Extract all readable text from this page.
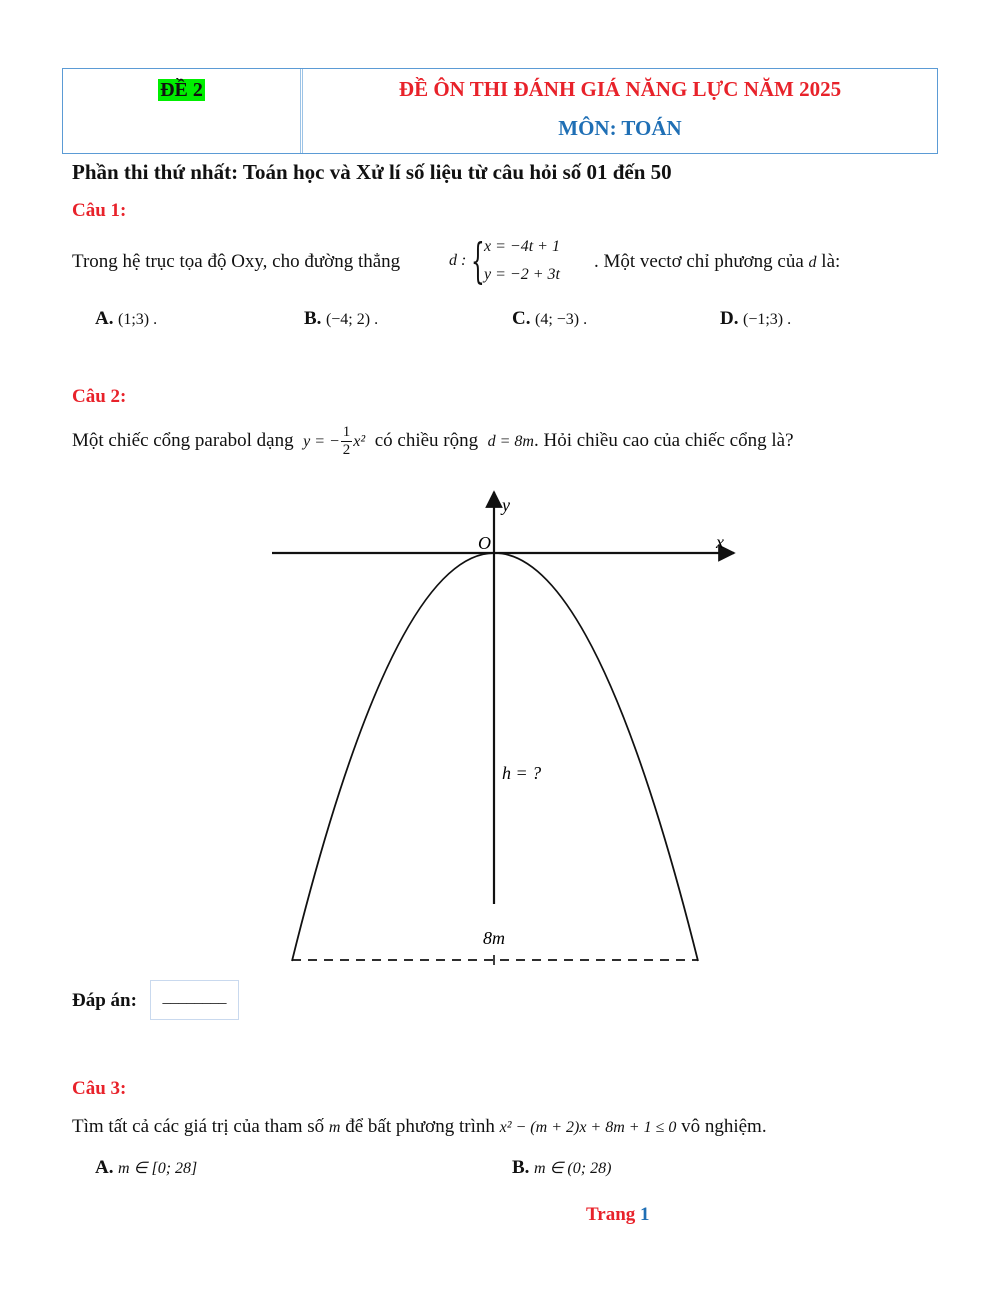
ĐỀ 2	ĐỀ ÔN THI ĐÁNH GIÁ NĂNG LỰC NĂM 2025
MÔN: TOÁN
Phần thi thứ nhất: Toán học và Xử lí số liệu từ câu hỏi số 01 đến 50
Câu 1:
Trong hệ trục tọa độ Oxy, cho đường thẳng	d : { x = −4t + 1
y = −2 + 3t
. Một vectơ chỉ phương của d là:
A. (1;3) .	B. (−4; 2) .	C. (4; −3) .	D. (−1;3) .
Câu 2:
Một chiếc cổng parabol dạng y = − $\frac{1}{2} x^2$ có chiều rộng d = 8m. Hỏi chiều cao của chiếc cổng là?
y
O	x
h = ?
8m
Đáp án:	________
Câu 3:
Tìm tất cả các giá trị của tham số m để bất phương trình x² − (m + 2)x + 8m + 1 ≤ 0 vô nghiệm.
A. m ∈ [0; 28]	B. m ∈ (0; 28)
Trang 1
